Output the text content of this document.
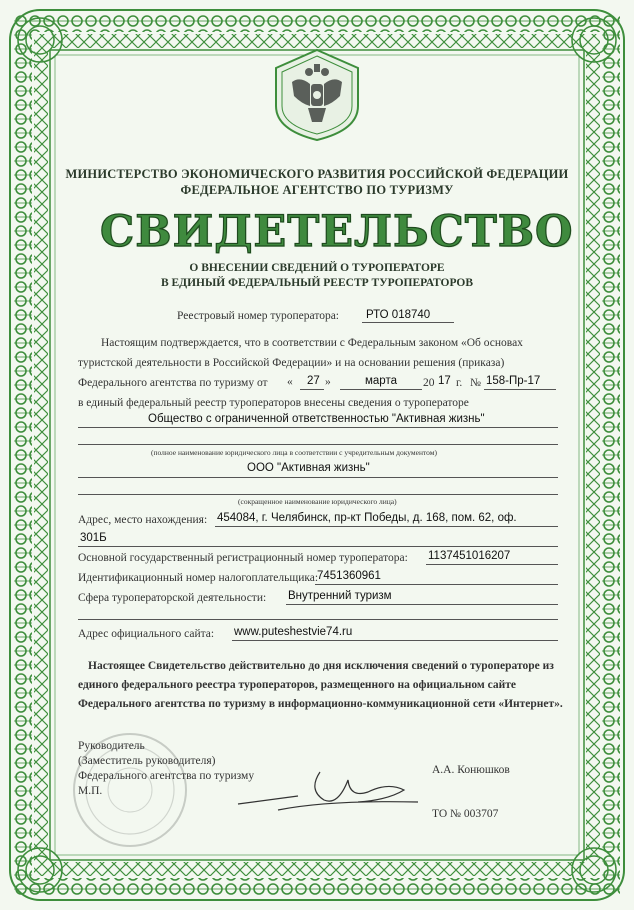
МИНИСТЕРСТВО ЭКОНОМИЧЕСКОГО РАЗВИТИЯ РОССИЙСКОЙ ФЕДЕРАЦИИ
ФЕДЕРАЛЬНОЕ АГЕНТСТВО ПО ТУРИЗМУ
СВИДЕТЕЛЬСТВО
О ВНЕСЕНИИ СВЕДЕНИЙ О ТУРОПЕРАТОРЕ
В ЕДИНЫЙ ФЕДЕРАЛЬНЫЙ РЕЕСТР ТУРОПЕРАТОРОВ
Реестровый номер туроператора: РТО 018740
Настоящим подтверждается, что в соответствии с Федеральным законом «Об основах
туристской деятельности в Российской Федерации» и на основании решения (приказа)
Федерального агентства по туризму от « 27 »	марта 20 17 г. № 158-Пр-17
в единый федеральный реестр туроператоров внесены сведения о туроператоре
Общество с ограниченной ответственностью "Активная жизнь"
(полное наименование юридического лица в соответствии с учредительным документом)
ООО "Активная жизнь"
(сокращенное наименование юридического лица)
Адрес, место нахождения: 454084, г. Челябинск, пр-кт Победы, д. 168, пом. 62, оф.
301Б
Основной государственный регистрационный номер туроператора: 1137451016207
Идентификационный номер налогоплательщика:
7451360961
Сфера туроператорской деятельности: Внутренний туризм
Адрес официального сайта: www.puteshestvie74.ru
Настоящее Свидетельство действительно до дня исключения сведений о туроператоре из
единого федерального реестра туроператоров, размещенного на официальном сайте
Федерального агентства по туризму в информационно-коммуникационной сети «Интернет».
Руководитель
(Заместитель руководителя)
Федерального агентства по туризму
М.П.
А.А. Конюшков
ТО № 003707
